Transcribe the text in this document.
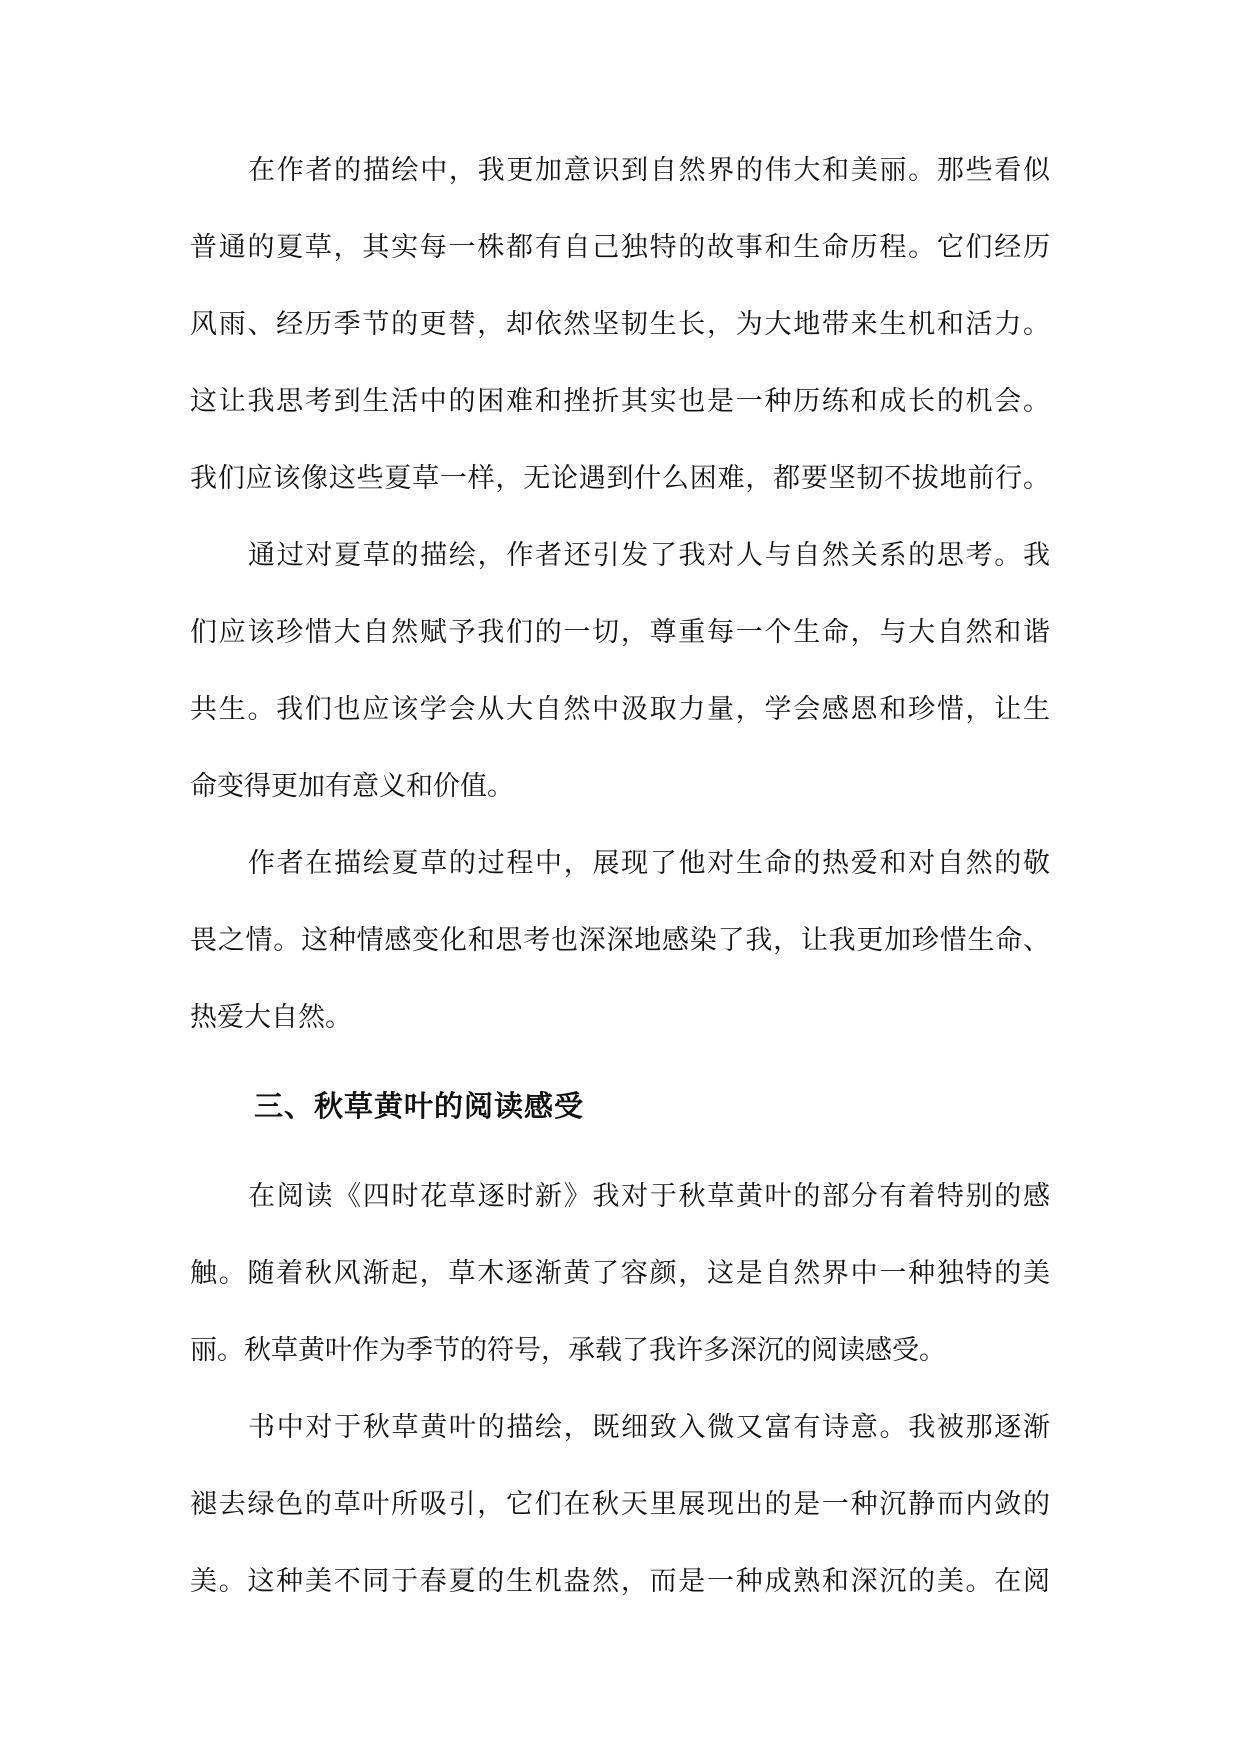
在作者的描绘中，我更加意识到自然界的伟大和美丽。那些看似
普通的夏草，其实每一株都有自己独特的故事和生命历程。它们经历
风雨、经历季节的更替，却依然坚韧生长，为大地带来生机和活力。
这让我思考到生活中的困难和挫折其实也是一种历练和成长的机会。
我们应该像这些夏草一样，无论遇到什么困难，都要坚韧不拔地前行。
通过对夏草的描绘，作者还引发了我对人与自然关系的思考。我
们应该珍惜大自然赋予我们的一切，尊重每一个生命，与大自然和谐
共生。我们也应该学会从大自然中汲取力量，学会感恩和珍惜，让生
命变得更加有意义和价值。
作者在描绘夏草的过程中，展现了他对生命的热爱和对自然的敬
畏之情。这种情感变化和思考也深深地感染了我，让我更加珍惜生命、
热爱大自然。
三、秋草黄叶的阅读感受
在阅读《四时花草逐时新》我对于秋草黄叶的部分有着特别的感
触。随着秋风渐起，草木逐渐黄了容颜，这是自然界中一种独特的美
丽。秋草黄叶作为季节的符号，承载了我许多深沉的阅读感受。
书中对于秋草黄叶的描绘，既细致入微又富有诗意。我被那逐渐
褪去绿色的草叶所吸引，它们在秋天里展现出的是一种沉静而内敛的
美。这种美不同于春夏的生机盎然，而是一种成熟和深沉的美。在阅
